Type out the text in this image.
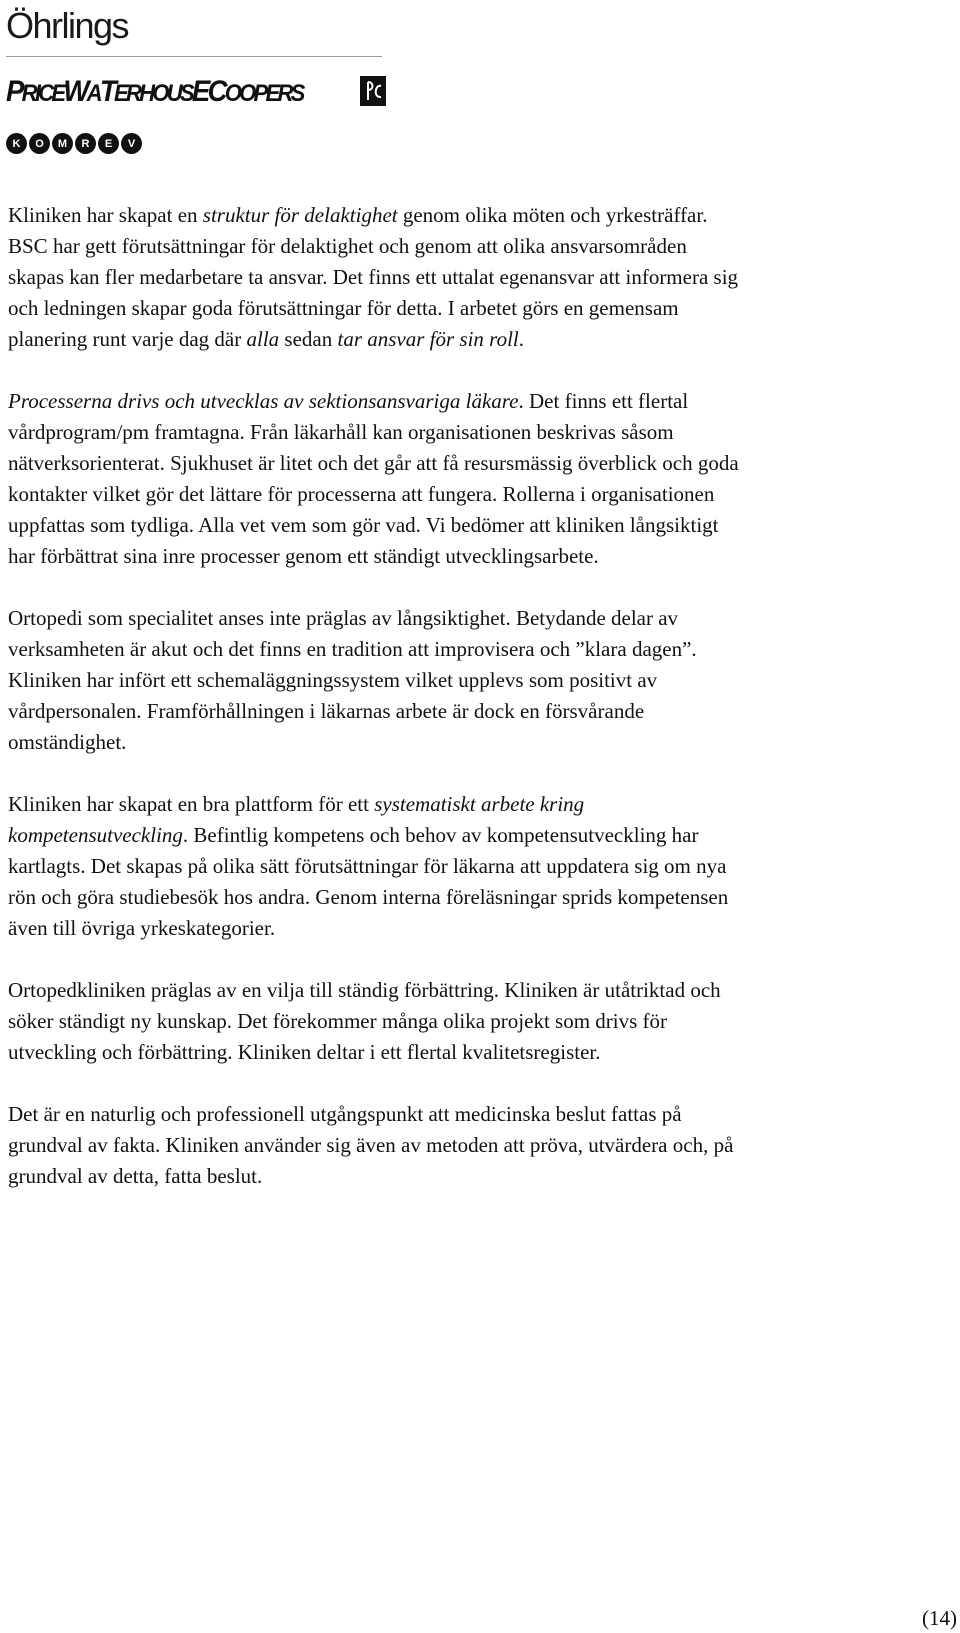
Öhrlings
PRICEWATERHOUSECOOPERS
K	O	M	R	E	V

Kliniken har skapat en struktur för delaktighet genom olika möten och yrkesträffar.
BSC har gett förutsättningar för delaktighet och genom att olika ansvarsområden
skapas kan fler medarbetare ta ansvar. Det finns ett uttalat egenansvar att informera sig
och ledningen skapar goda förutsättningar för detta. I arbetet görs en gemensam
planering runt varje dag där alla sedan tar ansvar för sin roll.

Processerna drivs och utvecklas av sektionsansvariga läkare. Det finns ett flertal
vårdprogram/pm framtagna. Från läkarhåll kan organisationen beskrivas såsom
nätverksorienterat. Sjukhuset är litet och det går att få resursmässig överblick och goda
kontakter vilket gör det lättare för processerna att fungera. Rollerna i organisationen
uppfattas som tydliga. Alla vet vem som gör vad. Vi bedömer att kliniken långsiktigt
har förbättrat sina inre processer genom ett ständigt utvecklingsarbete.

Ortopedi som specialitet anses inte präglas av långsiktighet. Betydande delar av
verksamheten är akut och det finns en tradition att improvisera och ”klara dagen”.
Kliniken har infört ett schemaläggningssystem vilket upplevs som positivt av
vårdpersonalen. Framförhållningen i läkarnas arbete är dock en försvårande
omständighet.

Kliniken har skapat en bra plattform för ett systematiskt arbete kring
kompetensutveckling. Befintlig kompetens och behov av kompetensutveckling har
kartlagts. Det skapas på olika sätt förutsättningar för läkarna att uppdatera sig om nya
rön och göra studiebesök hos andra. Genom interna föreläsningar sprids kompetensen
även till övriga yrkeskategorier.

Ortopedkliniken präglas av en vilja till ständig förbättring. Kliniken är utåtriktad och
söker ständigt ny kunskap. Det förekommer många olika projekt som drivs för
utveckling och förbättring. Kliniken deltar i ett flertal kvalitetsregister.

Det är en naturlig och professionell utgångspunkt att medicinska beslut fattas på
grundval av fakta. Kliniken använder sig även av metoden att pröva, utvärdera och, på
grundval av detta, fatta beslut.

(14)
